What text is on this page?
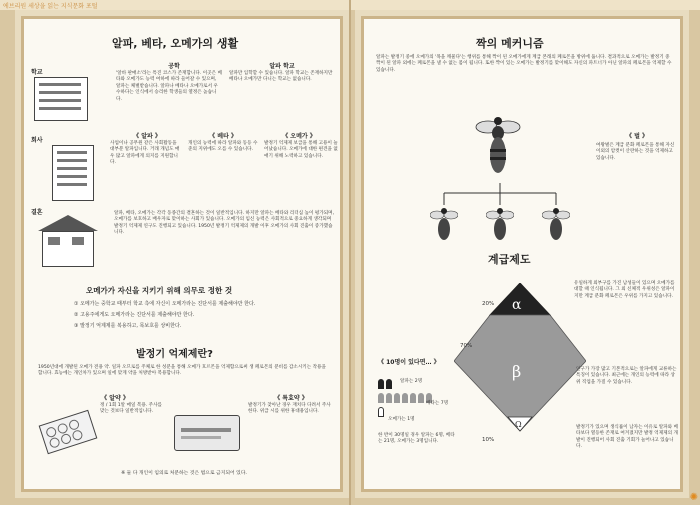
에브리원 세상을 읽는 지식문화 포털
알파, 베타, 오메가의 생활
학교
공학
'알바 판매소'라는 특진 코스가 존재합니다. 이곳은 베타와 오메가도 능력 여하에 따라 들어갈 수 있으며, 알파는 체벌받습니다. 알파나 베타나 오메가로서 우수하다는 인식에서 승리한 학생들의 열정은 높습니다.
알파 학교
알파만 입학할 수 있습니다. 알파 학교는 존재하지만 베타나 오메가만 다니는 학교는 없습니다.
회사
《 알파 》
사업이나 공무원 같은 사회활동을 대부분 알파입니다. 거래 개념도 매우 많고 알파에게 의지를 지원합니다.
《 베타 》
개인의 능력에 따라 알파와 동등 수준의 지위에도 오를 수 있습니다.
《 오메가 》
발정기 억제제 보급을 통해 고용이 늘어났습니다. 오메가에 대한 편견을 없애기 위해 노력하고 있습니다.
결혼	알파, 베타, 오메가는 각각 동종간의 결혼하는 것이 일반적입니다. 하지만 알파는 베타와 리더십 높이 평가되며, 오메가를 보호하고 배우자로 맞이하는 사회가 있습니다. 오메가의 임신 능력은 사회적으로 중요하게 생각되며 발정기 억제제 연구도 진행되고 있습니다. 1950년 발정기 억제제의 개발 이후 오메가의 사회 진출이 증가했습니다.
오메가가 자신을 지키기 위해 의무로 정한 것
① 오메가는 중학교 때부터 학교 측에 자신이 오메가라는 진단서를 제출해야만 한다.
② 고용주에게도 오메가라는 진단서를 제출해야만 한다.
③ 발정기 억제제를 복용하고, 목보호를 상비한다.
발정기 억제제란?
1950년대에 개발된 오메가 전용 약. 일파 오므로를 주체로 한 성분을 통해 오메가 호르몬을 억제함으로써 생 페로몬의 분비를 감소시키는 작용을 합니다. 효능에는 개인차가 있으며 일에 맞게 약을 처방받아 복용합니다.
《 알약 》
정 / 1회 1알 매일 복용. 주사를 맞는 것보다 일반적입니다.
《 특효약 》
발정기가 찾아난 경우 재치다 다려서 주사한다. 위급 시를 위한 휴대용입니다.
※ 둘 다 개인이 임의로 처분하는 것은 법으로 금지되어 있다.
짝의 메커니즘
알파는 발정기 중에 오메가의 '목을 깨물다'는 행위를 통해 짝이 된 오메가에게 계급 본래의 페로몬을 방위에 둡니다. 결과적으로 오메가는 발정기 중 짝이 된 알파 외에는 페로몬을 낼 수 없는 몸이 됩니다. 또한 짝이 있는 오메가는 발정기를 맞이해도 자신의 파트너가 아닌 알파의 페로몬을 억제할 수 있습니다.
《 벌 》
여왕벌은 계급 분화 페로몬을 통해 자신 이외의 암컷이 산란하는 것을 억제하고 있습니다.
계급제도
α
β
Ω
20%
70%
10%
유일하게 외부구를 가진 남성들이 있으며 오메가를 대할 때 인식됩니다. 그 외 신체적 우위성은 알파이지만 계급 분화 페로몬은 우위를 가지고 있습니다.
《 10명이 있다면… 》
알파는 2명
베타는 7명
오메가는 1명
한 반이 30명일 경우 알파는 6명, 베타는 21명, 오메가는 3명입니다.
인구가 가장 많고 기본적으로는 알파에게 교류하는 특징이 있습니다. 최근에는 개인의 능력에 따라 상위 직업을 가질 수 있습니다.
발정기가 있으며 생식률이 남자는 이유로 알파와 베타보다 열등한 존재로 여겨졌지만 발정 억제제의 개발이 진행되어 사회 진출 기회가 늘어나고 있습니다.
✺
